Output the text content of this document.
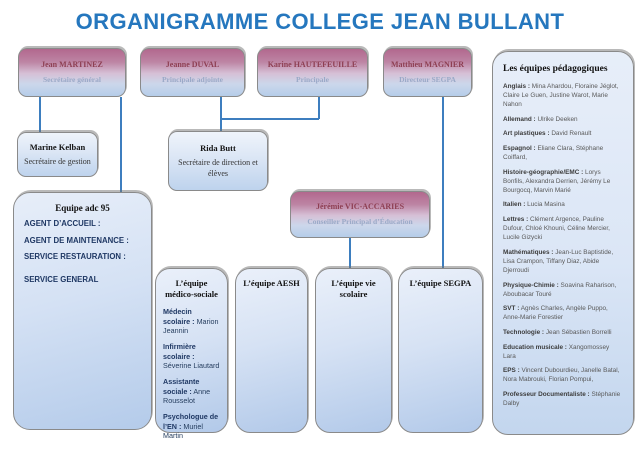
ORGANIGRAMME COLLEGE JEAN BULLANT
Jean MARTINEZ
Secrétaire général
Jeanne DUVAL
Principale adjointe
Karine HAUTEFEUILLE
Principale
Matthieu MAGNIER
Directeur SEGPA
Marine Kelban
Secrétaire de gestion
Rida Butt
Secrétaire de direction et élèves
Jérémie VIC-ACCARIES
Conseiller Principal d’Éducation
Equipe adc 95
AGENT D’ACCUEIL :
AGENT DE MAINTENANCE :
SERVICE RESTAURATION :
SERVICE GENERAL	L’équipe médico-sociale
Médecin scolaire : Marion Jeannin
Infirmière scolaire : Séverine Liautard
Assistante sociale : Anne Rousselot
Psychologue de l’EN : Muriel Martin
L’équipe AESH	L’équipe vie scolaire
L’équipe SEGPA
Les équipes pédagogiques
Anglais : Mina Ahardou, Floraine Jéglot, Claire Le Guen, Justine Warot, Marie Nahon
Allemand : Ulrike Deeken
Art plastiques : David Renault
Espagnol : Eliane Clara, Stéphane Coiffard,
Histoire-géographie/EMC : Lorys Bonfils, Alexandra Derrien, Jérémy Le Bourgocq, Marvin Marié
Italien : Lucia Masina
Lettres : Clément Argence, Pauline Dufour, Chloé Khouni, Céline Mercier, Lucile Gizycki
Mathématiques : Jean-Luc Baptistide, Lisa Crampon, Tiffany Diaz, Abide Djerroudi
Physique-Chimie : Soavina Raharison, Aboubacar Touré
SVT : Agnès Charles, Angèle Puppo, Anne-Marie Forestier
Technologie : Jean Sébastien Borrelli
Education musicale : Xangomossey Lara
EPS : Vincent Dubourdieu, Janelle Batal, Nora Mabrouki, Florian Pompui,
Professeur Documentaliste : Stéphanie Dalby
